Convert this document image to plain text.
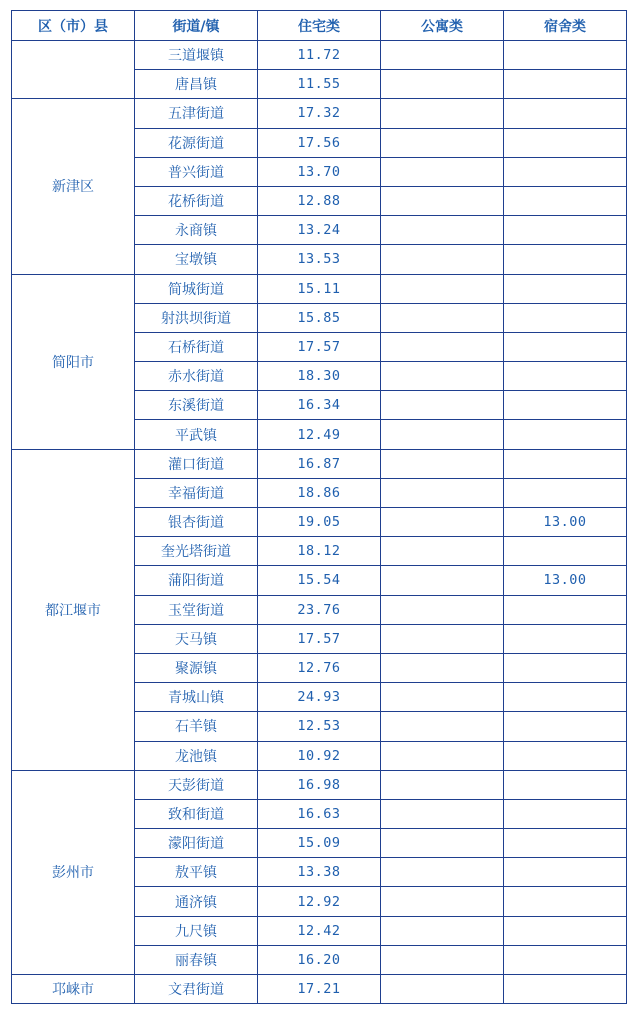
区（市）县	街道/镇	住宅类	公寓类	宿舍类
	三道堰镇	11.72		
	唐昌镇	11.55		
新津区	五津街道	17.32		
	花源街道	17.56		
	普兴街道	13.70		
	花桥街道	12.88		
	永商镇	13.24		
	宝墩镇	13.53		
简阳市	简城街道	15.11		
	射洪坝街道	15.85		
	石桥街道	17.57		
	赤水街道	18.30		
	东溪街道	16.34		
	平武镇	12.49		
都江堰市	灌口街道	16.87		
	幸福街道	18.86		
	银杏街道	19.05		13.00
	奎光塔街道	18.12		
	蒲阳街道	15.54		13.00
	玉堂街道	23.76		
	天马镇	17.57		
	聚源镇	12.76		
	青城山镇	24.93		
	石羊镇	12.53		
	龙池镇	10.92		
彭州市	天彭街道	16.98		
	致和街道	16.63		
	濛阳街道	15.09		
	敖平镇	13.38		
	通济镇	12.92		
	九尺镇	12.42		
	丽春镇	16.20		
邛崃市	文君街道	17.21		
